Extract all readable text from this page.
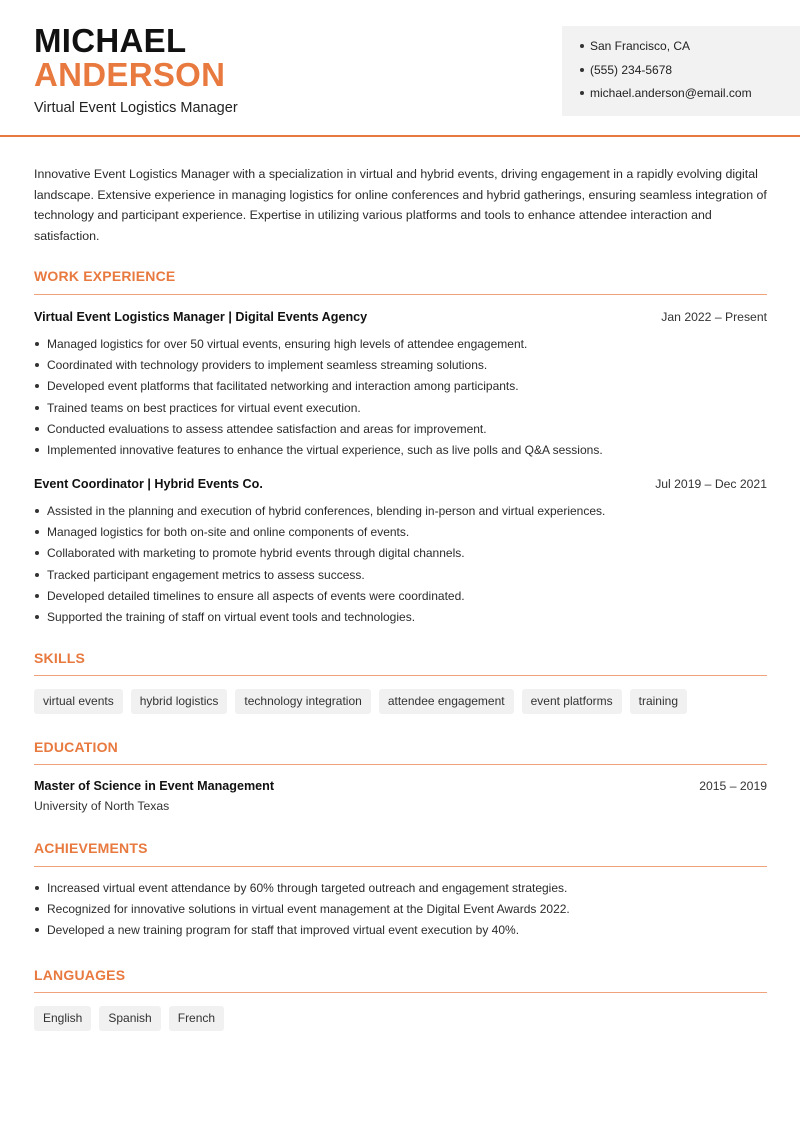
MICHAEL
ANDERSON
Virtual Event Logistics Manager
San Francisco, CA
(555) 234-5678
michael.anderson@email.com

Innovative Event Logistics Manager with a specialization in virtual and hybrid events, driving engagement in a rapidly evolving digital landscape. Extensive experience in managing logistics for online conferences and hybrid gatherings, ensuring seamless integration of technology and participant experience. Expertise in utilizing various platforms and tools to enhance attendee interaction and satisfaction.

WORK EXPERIENCE
Virtual Event Logistics Manager | Digital Events Agency	Jan 2022 – Present
Managed logistics for over 50 virtual events, ensuring high levels of attendee engagement.
Coordinated with technology providers to implement seamless streaming solutions.
Developed event platforms that facilitated networking and interaction among participants.
Trained teams on best practices for virtual event execution.
Conducted evaluations to assess attendee satisfaction and areas for improvement.
Implemented innovative features to enhance the virtual experience, such as live polls and Q&A sessions.
Event Coordinator | Hybrid Events Co.	Jul 2019 – Dec 2021
Assisted in the planning and execution of hybrid conferences, blending in-person and virtual experiences.
Managed logistics for both on-site and online components of events.
Collaborated with marketing to promote hybrid events through digital channels.
Tracked participant engagement metrics to assess success.
Developed detailed timelines to ensure all aspects of events were coordinated.
Supported the training of staff on virtual event tools and technologies.
SKILLS
virtual events	hybrid logistics	technology integration	attendee engagement	event platforms	training
EDUCATION
Master of Science in Event Management	2015 – 2019
University of North Texas
ACHIEVEMENTS
Increased virtual event attendance by 60% through targeted outreach and engagement strategies.
Recognized for innovative solutions in virtual event management at the Digital Event Awards 2022.
Developed a new training program for staff that improved virtual event execution by 40%.
LANGUAGES
English	Spanish	French
